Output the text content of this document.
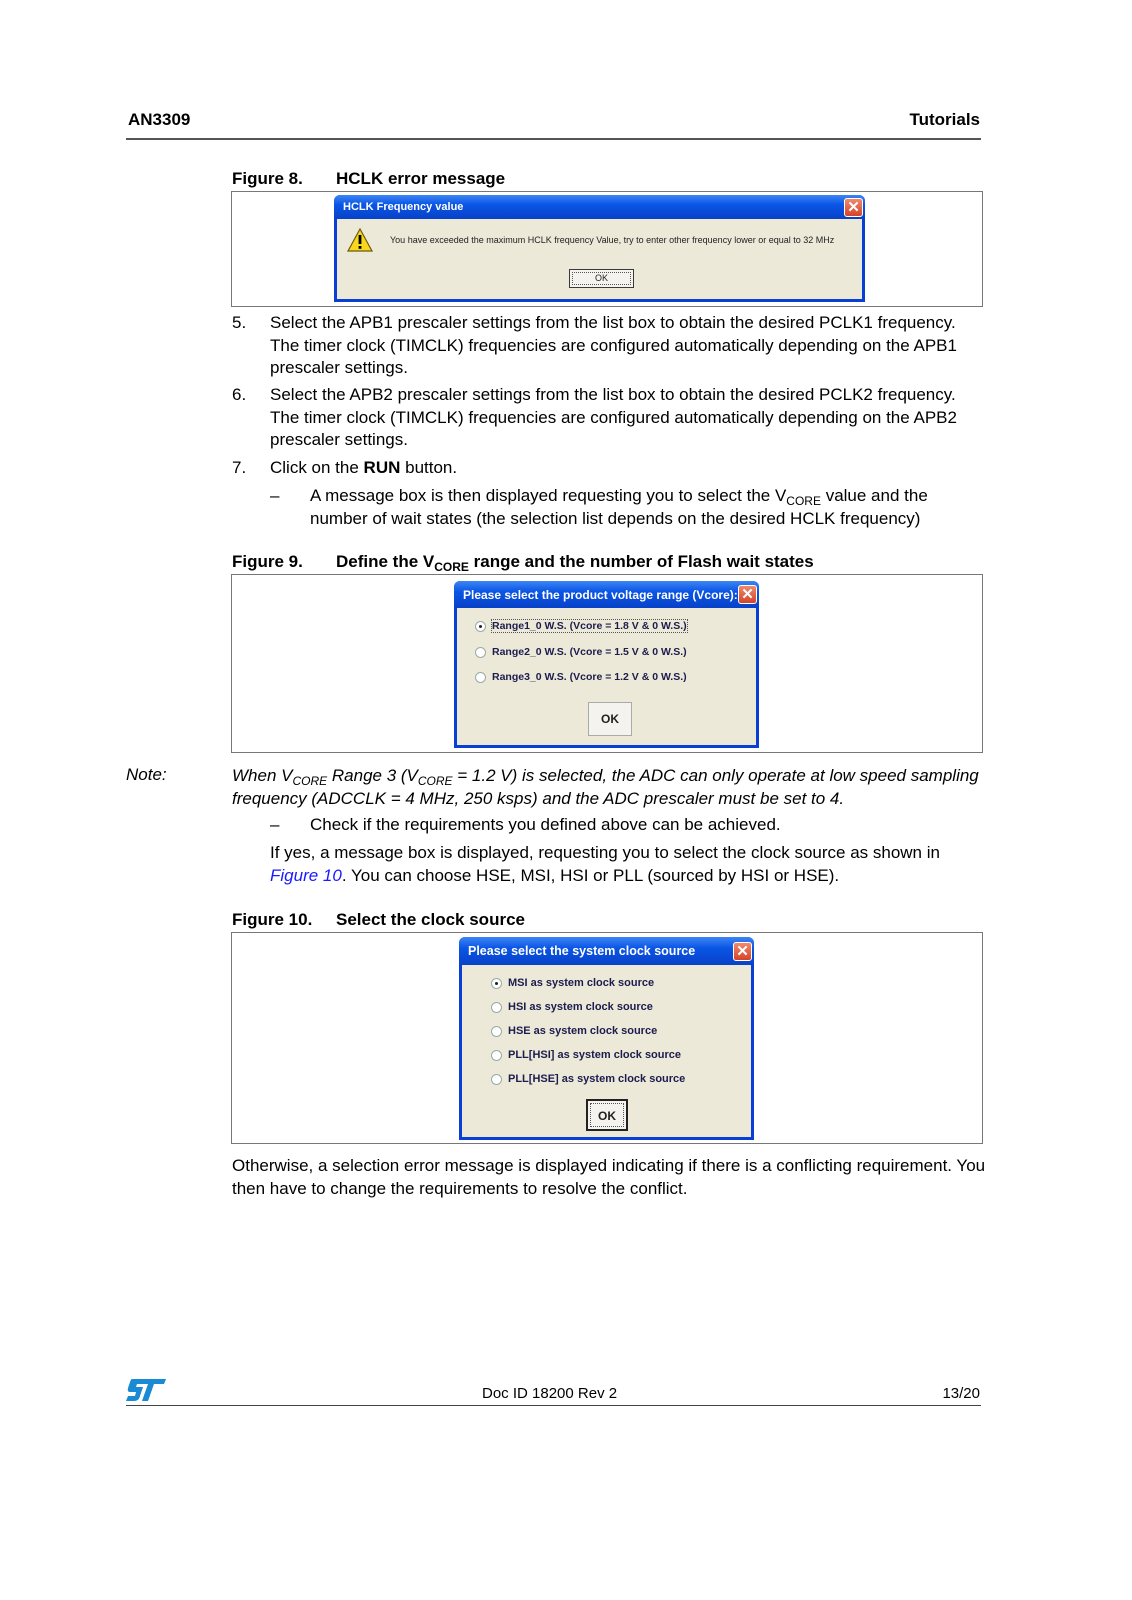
AN3309	Tutorials
Figure 8. HCLK error message
HCLK Frequency value	✕
You have exceeded the maximum HCLK frequency Value, try to enter other frequency lower or equal to 32 MHz
OK
5. Select the APB1 prescaler settings from the list box to obtain the desired PCLK1 frequency. The timer clock (TIMCLK) frequencies are configured automatically depending on the APB1 prescaler settings.
6. Select the APB2 prescaler settings from the list box to obtain the desired PCLK2 frequency. The timer clock (TIMCLK) frequencies are configured automatically depending on the APB2 prescaler settings.
7. Click on the RUN button.
– A message box is then displayed requesting you to select the $V_{CORE}$ value and the number of wait states (the selection list depends on the desired HCLK frequency)
Figure 9. Define the $V_{CORE}$ range and the number of Flash wait states
Please select the product voltage range (Vcore): ✕
Range1_0 W.S. (Vcore = 1.8 V & 0 W.S.)
Range2_0 W.S. (Vcore = 1.5 V & 0 W.S.)
Range3_0 W.S. (Vcore = 1.2 V & 0 W.S.)
OK
Note:	When $V_{CORE}$ Range 3 ($V_{CORE} = 1.2$ V) is selected, the ADC can only operate at low speed sampling frequency (ADCCLK = 4 MHz, 250 ksps) and the ADC prescaler must be set to 4.
– Check if the requirements you defined above can be achieved.
If yes, a message box is displayed, requesting you to select the clock source as shown in Figure 10. You can choose HSE, MSI, HSI or PLL (sourced by HSI or HSE).
Figure 10. Select the clock source
Please select the system clock source	✕
MSI as system clock source
HSI as system clock source
HSE as system clock source
PLL[HSI] as system clock source
PLL[HSE] as system clock source
OK
Otherwise, a selection error message is displayed indicating if there is a conflicting requirement. You then have to change the requirements to resolve the conflict.
Doc ID 18200 Rev 2	13/20
